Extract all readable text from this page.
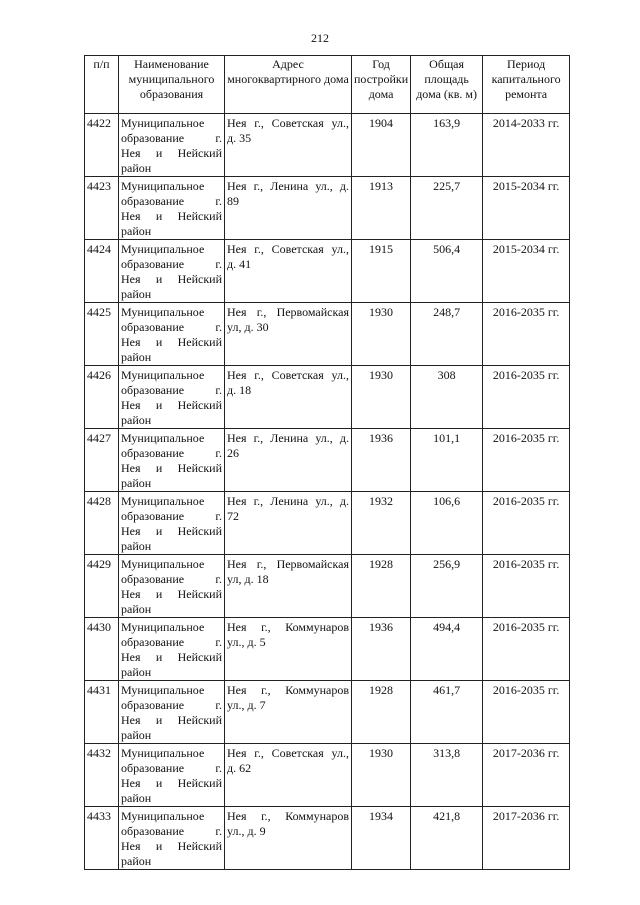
212
п/п	Наименование муниципального образования	Адрес многоквартирного дома	Год постройки дома	Общая площадь дома (кв. м)	Период капитального ремонта
4422	Муниципальное
образование г.
Нея и Нейский
район	Нея г., Советская ул.,
д. 35	1904	163,9	2014-2033 гг.
4423	Муниципальное
образование г.
Нея и Нейский
район	Нея г., Ленина ул., д.
89	1913	225,7	2015-2034 гг.
4424	Муниципальное
образование г.
Нея и Нейский
район	Нея г., Советская ул.,
д. 41	1915	506,4	2015-2034 гг.
4425	Муниципальное
образование г.
Нея и Нейский
район	Нея г., Первомайская
ул, д. 30	1930	248,7	2016-2035 гг.
4426	Муниципальное
образование г.
Нея и Нейский
район	Нея г., Советская ул.,
д. 18	1930	308	2016-2035 гг.
4427	Муниципальное
образование г.
Нея и Нейский
район	Нея г., Ленина ул., д.
26	1936	101,1	2016-2035 гг.
4428	Муниципальное
образование г.
Нея и Нейский
район	Нея г., Ленина ул., д.
72	1932	106,6	2016-2035 гг.
4429	Муниципальное
образование г.
Нея и Нейский
район	Нея г., Первомайская
ул, д. 18	1928	256,9	2016-2035 гг.
4430	Муниципальное
образование г.
Нея и Нейский
район	Нея г., Коммунаров
ул., д. 5	1936	494,4	2016-2035 гг.
4431	Муниципальное
образование г.
Нея и Нейский
район	Нея г., Коммунаров
ул., д. 7	1928	461,7	2016-2035 гг.
4432	Муниципальное
образование г.
Нея и Нейский
район	Нея г., Советская ул.,
д. 62	1930	313,8	2017-2036 гг.
4433	Муниципальное
образование г.
Нея и Нейский
район	Нея г., Коммунаров
ул., д. 9	1934	421,8	2017-2036 гг.
